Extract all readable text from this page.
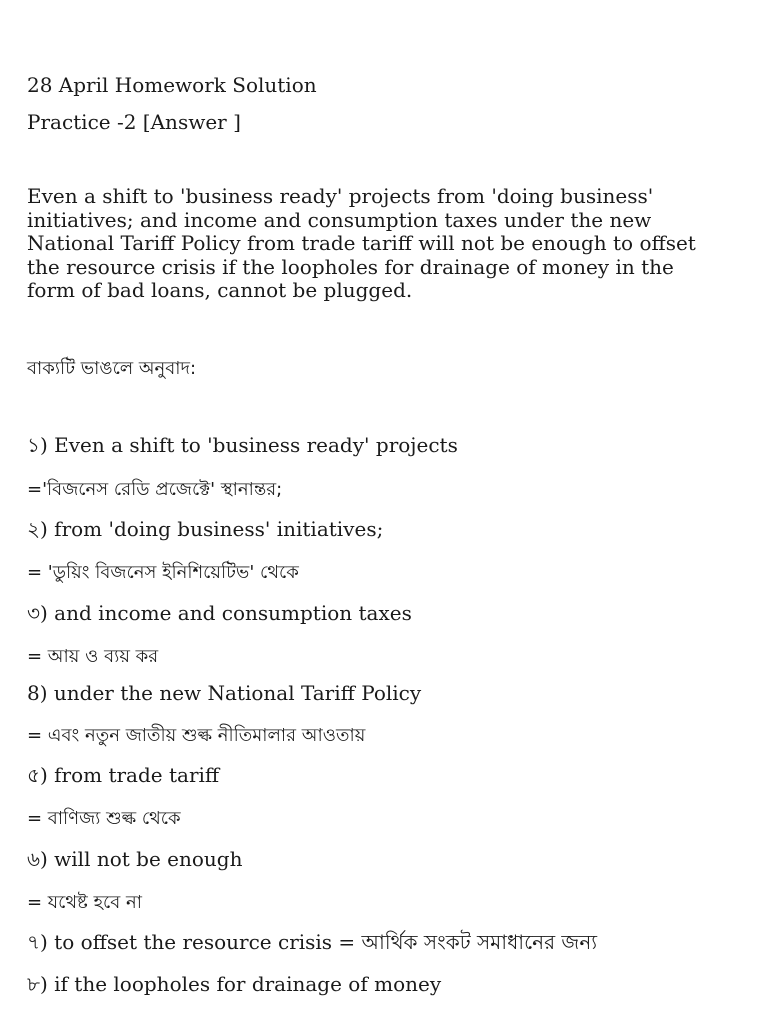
28 April Homework Solution
Practice -2 [Answer ]
Even a shift to 'business ready' projects from 'doing business' initiatives; and income and consumption taxes under the new National Tariff Policy from trade tariff will not be enough to offset the resource crisis if the loopholes for drainage of money in the form of bad loans, cannot be plugged.
বাক্যটি ভাঙলে অনুবাদ:
১) Even a shift to 'business ready' projects
='বিজনেস রেডি প্রজেক্টে' স্থানান্তর;
২) from 'doing business' initiatives;
= 'ডুয়িং বিজনেস ইনিশিয়েটিভ' থেকে
৩) and income and consumption taxes
= আয় ও ব্যয় কর
8) under the new National Tariff Policy
= এবং নতুন জাতীয় শুল্ক নীতিমালার আওতায়
৫) from trade tariff
= বাণিজ্য শুল্ক থেকে
৬) will not be enough
= যথেষ্ট হবে না
৭) to offset the resource crisis = আর্থিক সংকট সমাধানের জন্য
৮) if the loopholes for drainage of money
